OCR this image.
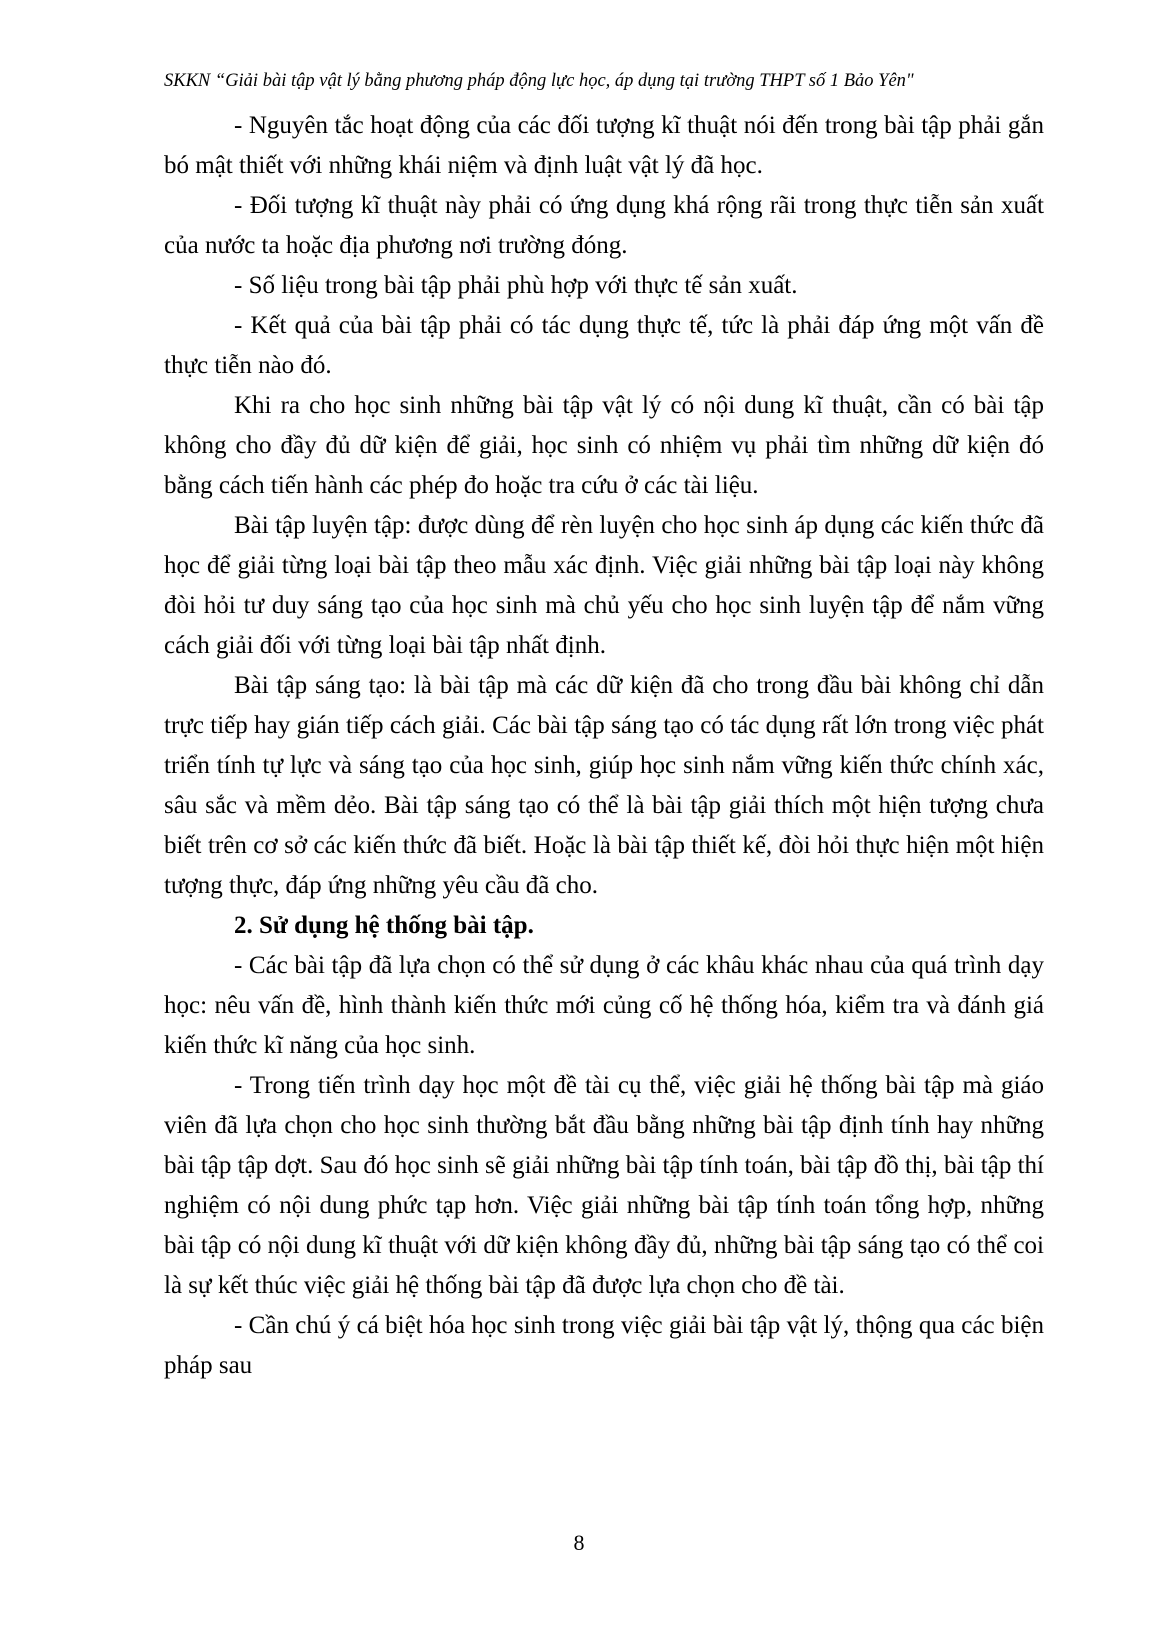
SKKN “Giải bài tập vật lý bằng phương pháp động lực học, áp dụng tại trường THPT số 1 Bảo Yên"

- Nguyên tắc hoạt động của các đối tượng kĩ thuật nói đến trong bài tập phải gắn bó mật thiết với những khái niệm và định luật vật lý đã học.

- Đối tượng kĩ thuật này phải có ứng dụng khá rộng rãi trong thực tiễn sản xuất của nước ta hoặc địa phương nơi trường đóng.

- Số liệu trong bài tập phải phù hợp với thực tế sản xuất.

- Kết quả của bài tập phải có tác dụng thực tế, tức là phải đáp ứng một vấn đề thực tiễn nào đó.

Khi ra cho học sinh những bài tập vật lý có nội dung kĩ thuật, cần có bài tập không cho đầy đủ dữ kiện để giải, học sinh có nhiệm vụ phải tìm những dữ kiện đó bằng cách tiến hành các phép đo hoặc tra cứu ở các tài liệu.

Bài tập luyện tập: được dùng để rèn luyện cho học sinh áp dụng các kiến thức đã học để giải từng loại bài tập theo mẫu xác định. Việc giải những bài tập loại này không đòi hỏi tư duy sáng tạo của học sinh mà chủ yếu cho học sinh luyện tập để nắm vững cách giải đối với từng loại bài tập nhất định.

Bài tập sáng tạo: là bài tập mà các dữ kiện đã cho trong đầu bài không chỉ dẫn trực tiếp hay gián tiếp cách giải. Các bài tập sáng tạo có tác dụng rất lớn trong việc phát triển tính tự lực và sáng tạo của học sinh, giúp học sinh nắm vững kiến thức chính xác, sâu sắc và mềm dẻo. Bài tập sáng tạo có thể là bài tập giải thích một hiện tượng chưa biết trên cơ sở các kiến thức đã biết. Hoặc là bài tập thiết kế, đòi hỏi thực hiện một hiện tượng thực, đáp ứng những yêu cầu đã cho.

2. Sử dụng hệ thống bài tập.

- Các bài tập đã lựa chọn có thể sử dụng ở các khâu khác nhau của quá trình dạy học: nêu vấn đề, hình thành kiến thức mới củng cố hệ thống hóa, kiểm tra và đánh giá kiến thức kĩ năng của học sinh.

- Trong tiến trình dạy học một đề tài cụ thể, việc giải hệ thống bài tập mà giáo viên đã lựa chọn cho học sinh thường bắt đầu bằng những bài tập định tính hay những bài tập tập dợt. Sau đó học sinh sẽ giải những bài tập tính toán, bài tập đồ thị, bài tập thí nghiệm có nội dung phức tạp hơn. Việc giải những bài tập tính toán tổng hợp, những bài tập có nội dung kĩ thuật với dữ kiện không đầy đủ, những bài tập sáng tạo có thể coi là sự kết thúc việc giải hệ thống bài tập đã được lựa chọn cho đề tài.

- Cần chú ý cá biệt hóa học sinh trong việc giải bài tập vật lý, thộng qua các biện pháp sau

8
